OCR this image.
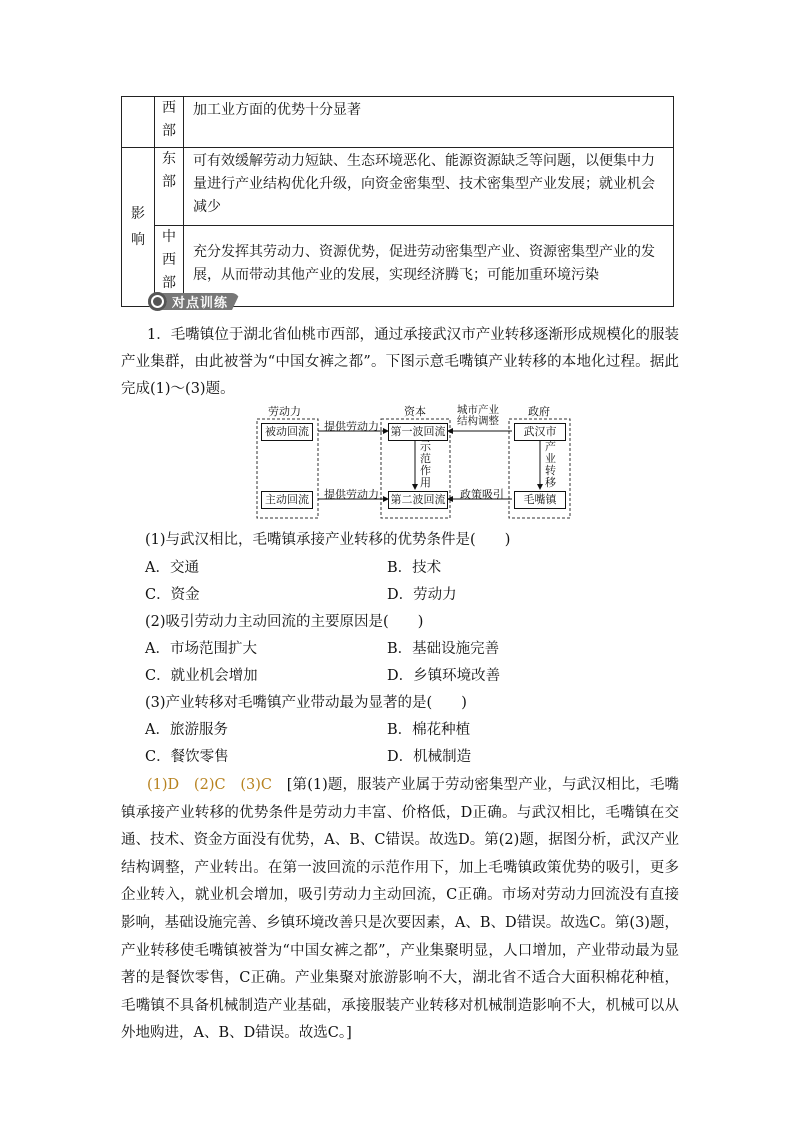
	西部	加工业方面的优势十分显著
影响	东部	可有效缓解劳动力短缺、生态环境恶化、能源资源缺乏等问题，以便集中力量进行产业结构优化升级，向资金密集型、技术密集型产业发展；就业机会减少
	中西部	充分发挥其劳动力、资源优势，促进劳动密集型产业、资源密集型产业的发展，从而带动其他产业的发展，实现经济腾飞；可能加重环境污染
对点训练
1．毛嘴镇位于湖北省仙桃市西部，通过承接武汉市产业转移逐渐形成规模化的服装产业集群，由此被誉为“中国女裤之都”。下图示意毛嘴镇产业转移的本地化过程。据此完成(1)～(3)题。
劳动力	资本	政府
被动回流
主动回流
第一波回流
第二波回流
武汉市
毛嘴镇
提供劳动力
提供劳动力	政策吸引
城市产业结构调整
示范作用
产业转移
(1)与武汉相比，毛嘴镇承接产业转移的优势条件是(　　)
A．交通	B．技术
C．资金	D．劳动力
(2)吸引劳动力主动回流的主要原因是(　　)
A．市场范围扩大	B．基础设施完善
C．就业机会增加	D．乡镇环境改善
(3)产业转移对毛嘴镇产业带动最为显著的是(　　)
A．旅游服务	B．棉花种植
C．餐饮零售	D．机械制造
(1)D　(2)C　(3)C　 [第(1)题，服装产业属于劳动密集型产业，与武汉相比，毛嘴镇承接产业转移的优势条件是劳动力丰富、价格低，D正确。与武汉相比，毛嘴镇在交通、技术、资金方面没有优势，A、B、C错误。故选D。第(2)题，据图分析，武汉产业结构调整，产业转出。在第一波回流的示范作用下，加上毛嘴镇政策优势的吸引，更多企业转入，就业机会增加，吸引劳动力主动回流，C正确。市场对劳动力回流没有直接影响，基础设施完善、乡镇环境改善只是次要因素，A、B、D错误。故选C。第(3)题，产业转移使毛嘴镇被誉为“中国女裤之都”，产业集聚明显，人口增加，产业带动最为显著的是餐饮零售，C正确。产业集聚对旅游影响不大，湖北省不适合大面积棉花种植，毛嘴镇不具备机械制造产业基础，承接服装产业转移对机械制造影响不大，机械可以从外地购进，A、B、D错误。故选C。]
